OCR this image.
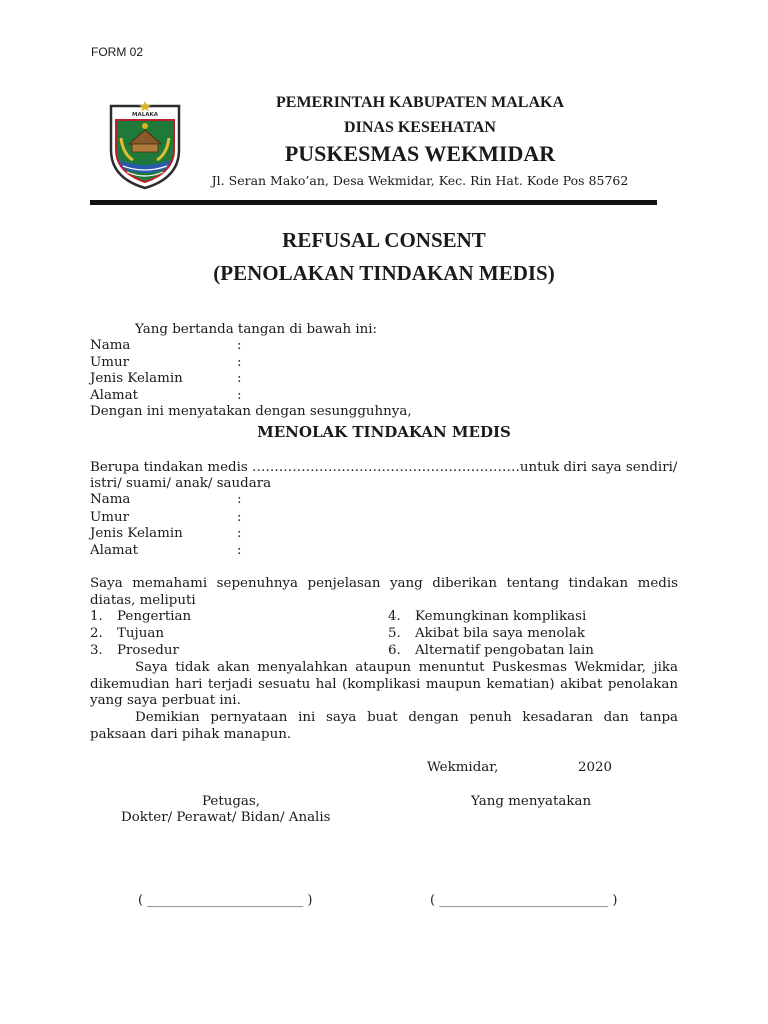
FORM 02
MALAKA
PEMERINTAH KABUPATEN MALAKA
DINAS KESEHATAN
PUSKESMAS WEKMIDAR
Jl. Seran Mako’an, Desa Wekmidar, Kec. Rin Hat. Kode Pos 85762
REFUSAL CONSENT
(PENOLAKAN TINDAKAN MEDIS)
Yang bertanda tangan di bawah ini:
Nama	:
Umur	:
Jenis Kelamin	:
Alamat	:
Dengan ini menyatakan dengan sesungguhnya,
MENOLAK TINDAKAN MEDIS
Berupa tindakan medis ……………………………………………………untuk diri saya sendiri/
istri/ suami/ anak/ saudara
Nama	:
Umur	:
Jenis Kelamin	:
Alamat	:
Saya memahami sepenuhnya penjelasan yang diberikan tentang tindakan medis
diatas, meliputi
1. Pengertian
2. Tujuan
3. Prosedur
4. Kemungkinan komplikasi
5. Akibat bila saya menolak
6. Alternatif pengobatan lain
Saya tidak akan menyalahkan ataupun menuntut Puskesmas Wekmidar, jika dikemudian hari terjadi sesuatu hal (komplikasi maupun kematian) akibat penolakan yang saya perbuat ini.
Demikian pernyataan ini saya buat dengan penuh kesadaran dan tanpa paksaan dari pihak manapun.
Wekmidar,	2020
Petugas,
Dokter/ Perawat/ Bidan/ Analis
Yang menyatakan
( ________________________ )	( __________________________ )
